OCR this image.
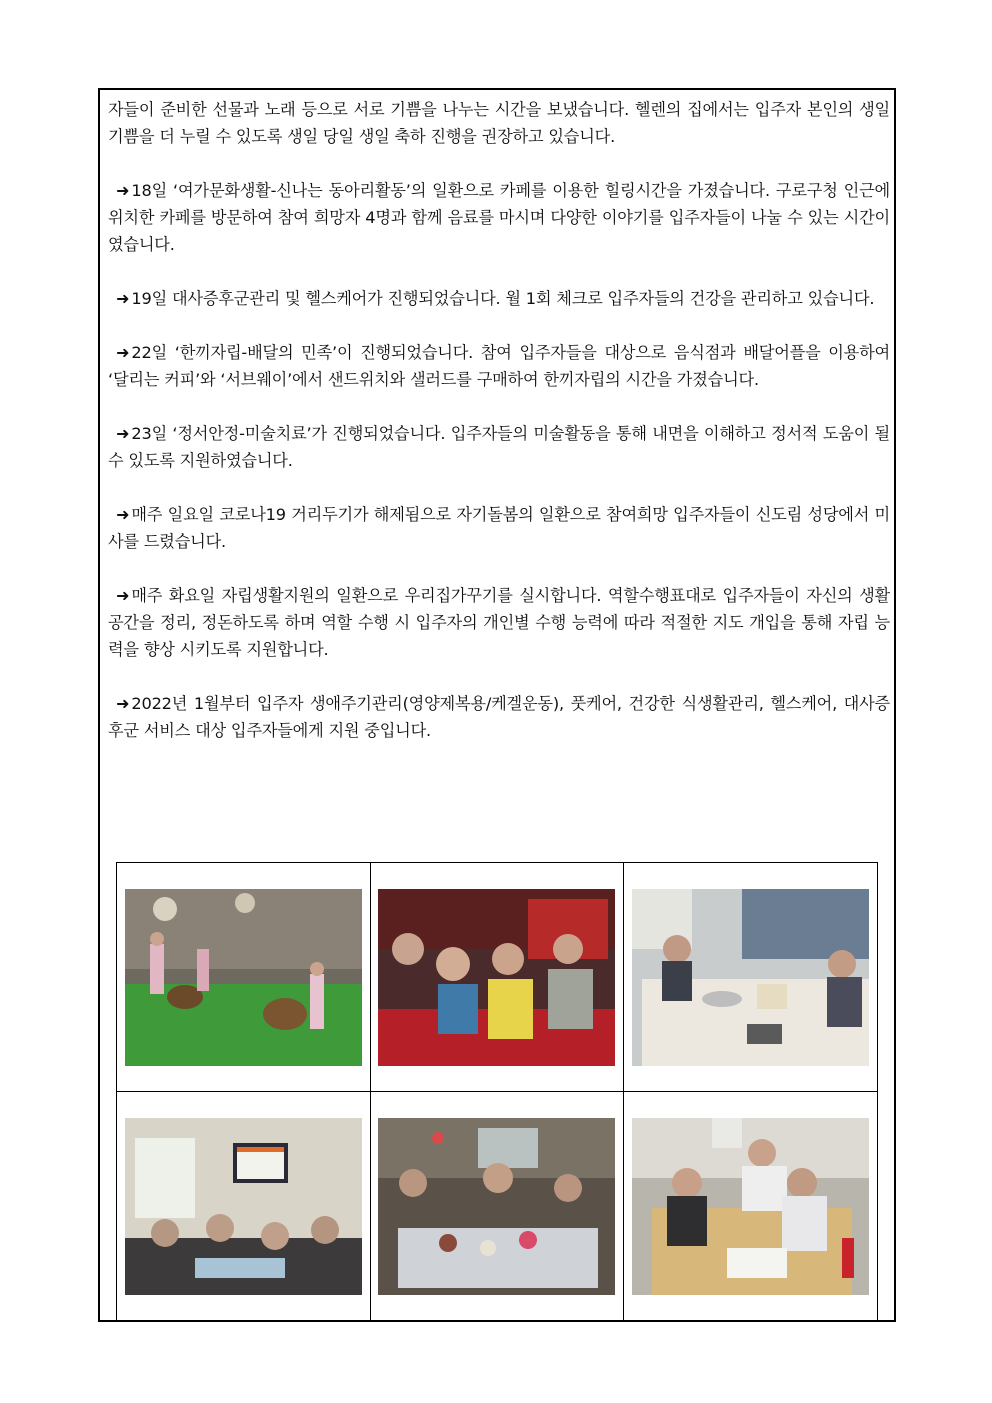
자들이 준비한 선물과 노래 등으로 서로 기쁨을 나누는 시간을 보냈습니다. 헬렌의 집에서는 입주자 본인의 생일 기쁨을 더 누릴 수 있도록 생일 당일 생일 축하 진행을 권장하고 있습니다.

➜ 18일 ‘여가문화생활-신나는 동아리활동’의 일환으로 카페를 이용한 힐링시간을 가졌습니다. 구로구청 인근에 위치한 카페를 방문하여 참여 희망자 4명과 함께 음료를 마시며 다양한 이야기를 입주자들이 나눌 수 있는 시간이였습니다.

➜ 19일 대사증후군관리 및 헬스케어가 진행되었습니다. 월 1회 체크로 입주자들의 건강을 관리하고 있습니다.

➜ 22일 ‘한끼자립-배달의 민족’이 진행되었습니다. 참여 입주자들을 대상으로 음식점과 배달어플을 이용하여 ‘달리는 커피’와 ‘서브웨이’에서 샌드위치와 샐러드를 구매하여 한끼자립의 시간을 가졌습니다.

➜ 23일 ‘정서안정-미술치료’가 진행되었습니다. 입주자들의 미술활동을 통해 내면을 이해하고 정서적 도움이 될 수 있도록 지원하였습니다.

➜ 매주 일요일 코로나19 거리두기가 해제됨으로 자기돌봄의 일환으로 참여희망 입주자들이 신도림 성당에서 미사를 드렸습니다.

➜ 매주 화요일 자립생활지원의 일환으로 우리집가꾸기를 실시합니다. 역할수행표대로 입주자들이 자신의 생활공간을 정리, 정돈하도록 하며 역할 수행 시 입주자의 개인별 수행 능력에 따라 적절한 지도 개입을 통해 자립 능력을 향상 시키도록 지원합니다.

➜ 2022년 1월부터 입주자 생애주기관리(영양제복용/케겔운동), 풋케어, 건강한 식생활관리, 헬스케어, 대사증후군 서비스 대상 입주자들에게 지원 중입니다.
